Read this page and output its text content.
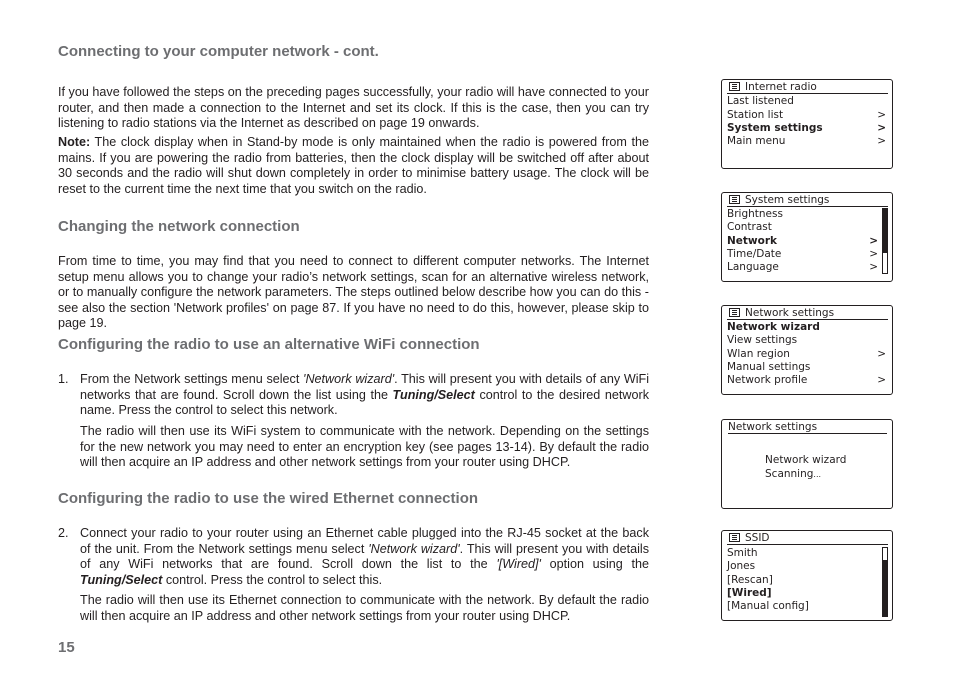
Connecting to your computer network - cont.

If you have followed the steps on the preceding pages successfully, your radio will have connected to your router, and then made a connection to the Internet and set its clock. If this is the case, then you can try listening to radio stations via the Internet as described on page 19 onwards.

Note: The clock display when in Stand-by mode is only maintained when the radio is powered from the mains. If you are powering the radio from batteries, then the clock display will be switched off after about 30 seconds and the radio will shut down completely in order to minimise battery usage. The clock will be reset to the current time the next time that you switch on the radio.

Changing the network connection

From time to time, you may find that you need to connect to different computer networks. The Internet setup menu allows you to change your radio’s network settings, scan for an alternative wireless network, or to manually configure the network parameters. The steps outlined below describe how you can do this - see also the section 'Network profiles' on page 87. If you have no need to do this, however, please skip to page 19.

Configuring the radio to use an alternative WiFi connection
1. From the Network settings menu select 'Network wizard'. This will present you with details of any WiFi networks that are found. Scroll down the list using the Tuning/Select control to the desired network name. Press the control to select this network.

The radio will then use its WiFi system to communicate with the network. Depending on the settings for the new network you may need to enter an encryption key (see pages 13-14). By default the radio will then acquire an IP address and other network settings from your router using DHCP.

Configuring the radio to use the wired Ethernet connection
2. Connect your radio to your router using an Ethernet cable plugged into the RJ-45 socket at the back of the unit. From the Network settings menu select 'Network wizard'. This will present you with details of any WiFi networks that are found. Scroll down the list to the '[Wired]' option using the Tuning/Select control. Press the control to select this.

The radio will then use its Ethernet connection to communicate with the network. By default the radio will then acquire an IP address and other network settings from your router using DHCP.

15
Internet radio
Last listened
Station list	>
System settings	>
Main menu	>
System settings
Brightness
Contrast
Network	>
Time/Date	>
Language	>
Network settings
Network wizard
View settings
Wlan region	>
Manual settings
Network profile	>
Network settings
Network wizard
Scanning...
SSID
Smith
Jones
[Rescan]
[Wired]
[Manual config]
